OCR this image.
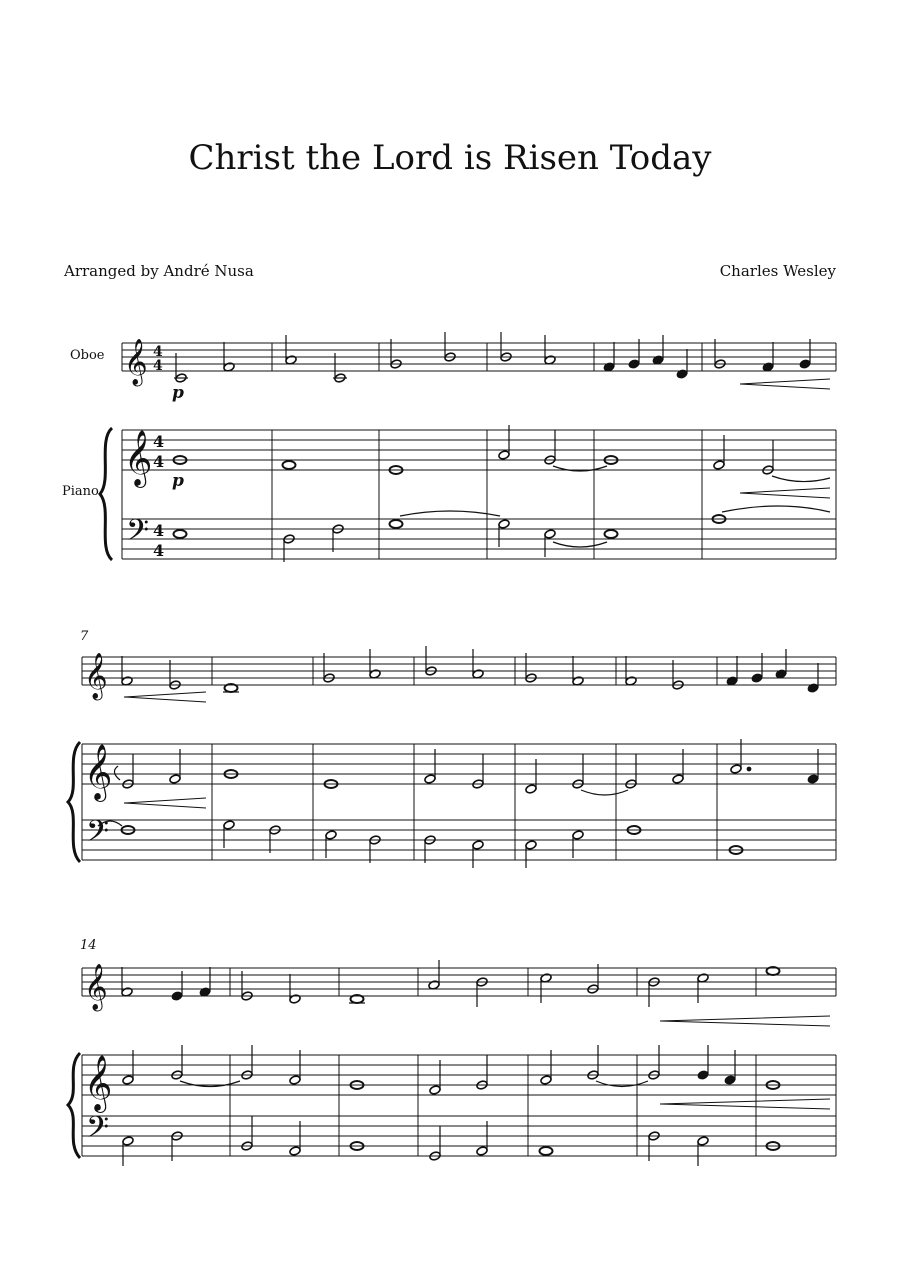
Christ the Lord is Risen Today
Arranged by André Nusa	Charles Wesley
Oboe
Piano
7
14
𝄞 4
4
p
𝄞 4
4
𝄢 4
4
p
𝄞
𝄞
𝄢
𝄞
𝄞
𝄢
